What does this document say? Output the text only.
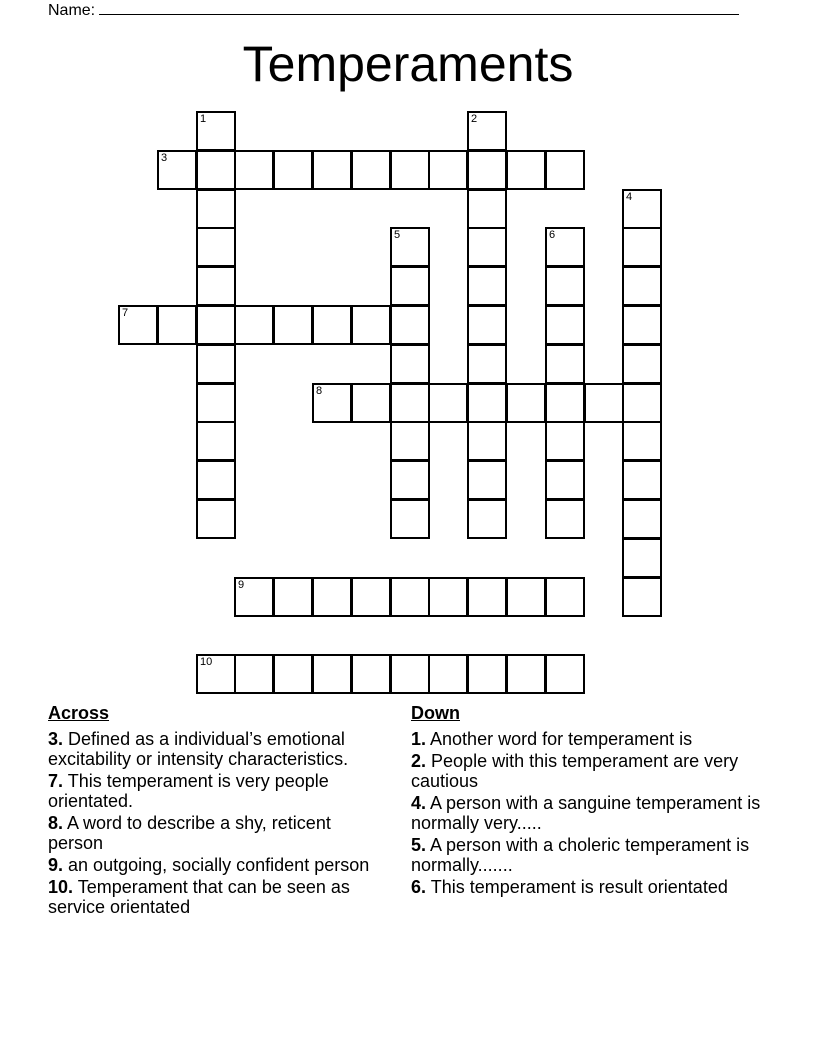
Name:
Temperaments
1	2
3
4
5	6
7
8
9
10
Across
3. Defined as a individual’s emotional excitability or intensity characteristics.
7. This temperament is very people orientated.
8. A word to describe a shy, reticent person
9. an outgoing, socially confident person
10. Temperament that can be seen as service orientated
Down
1. Another word for temperament is
2. People with this temperament are very cautious
4. A person with a sanguine temperament is normally very.....
5. A person with a choleric temperament is normally.......
6. This temperament is result orientated
